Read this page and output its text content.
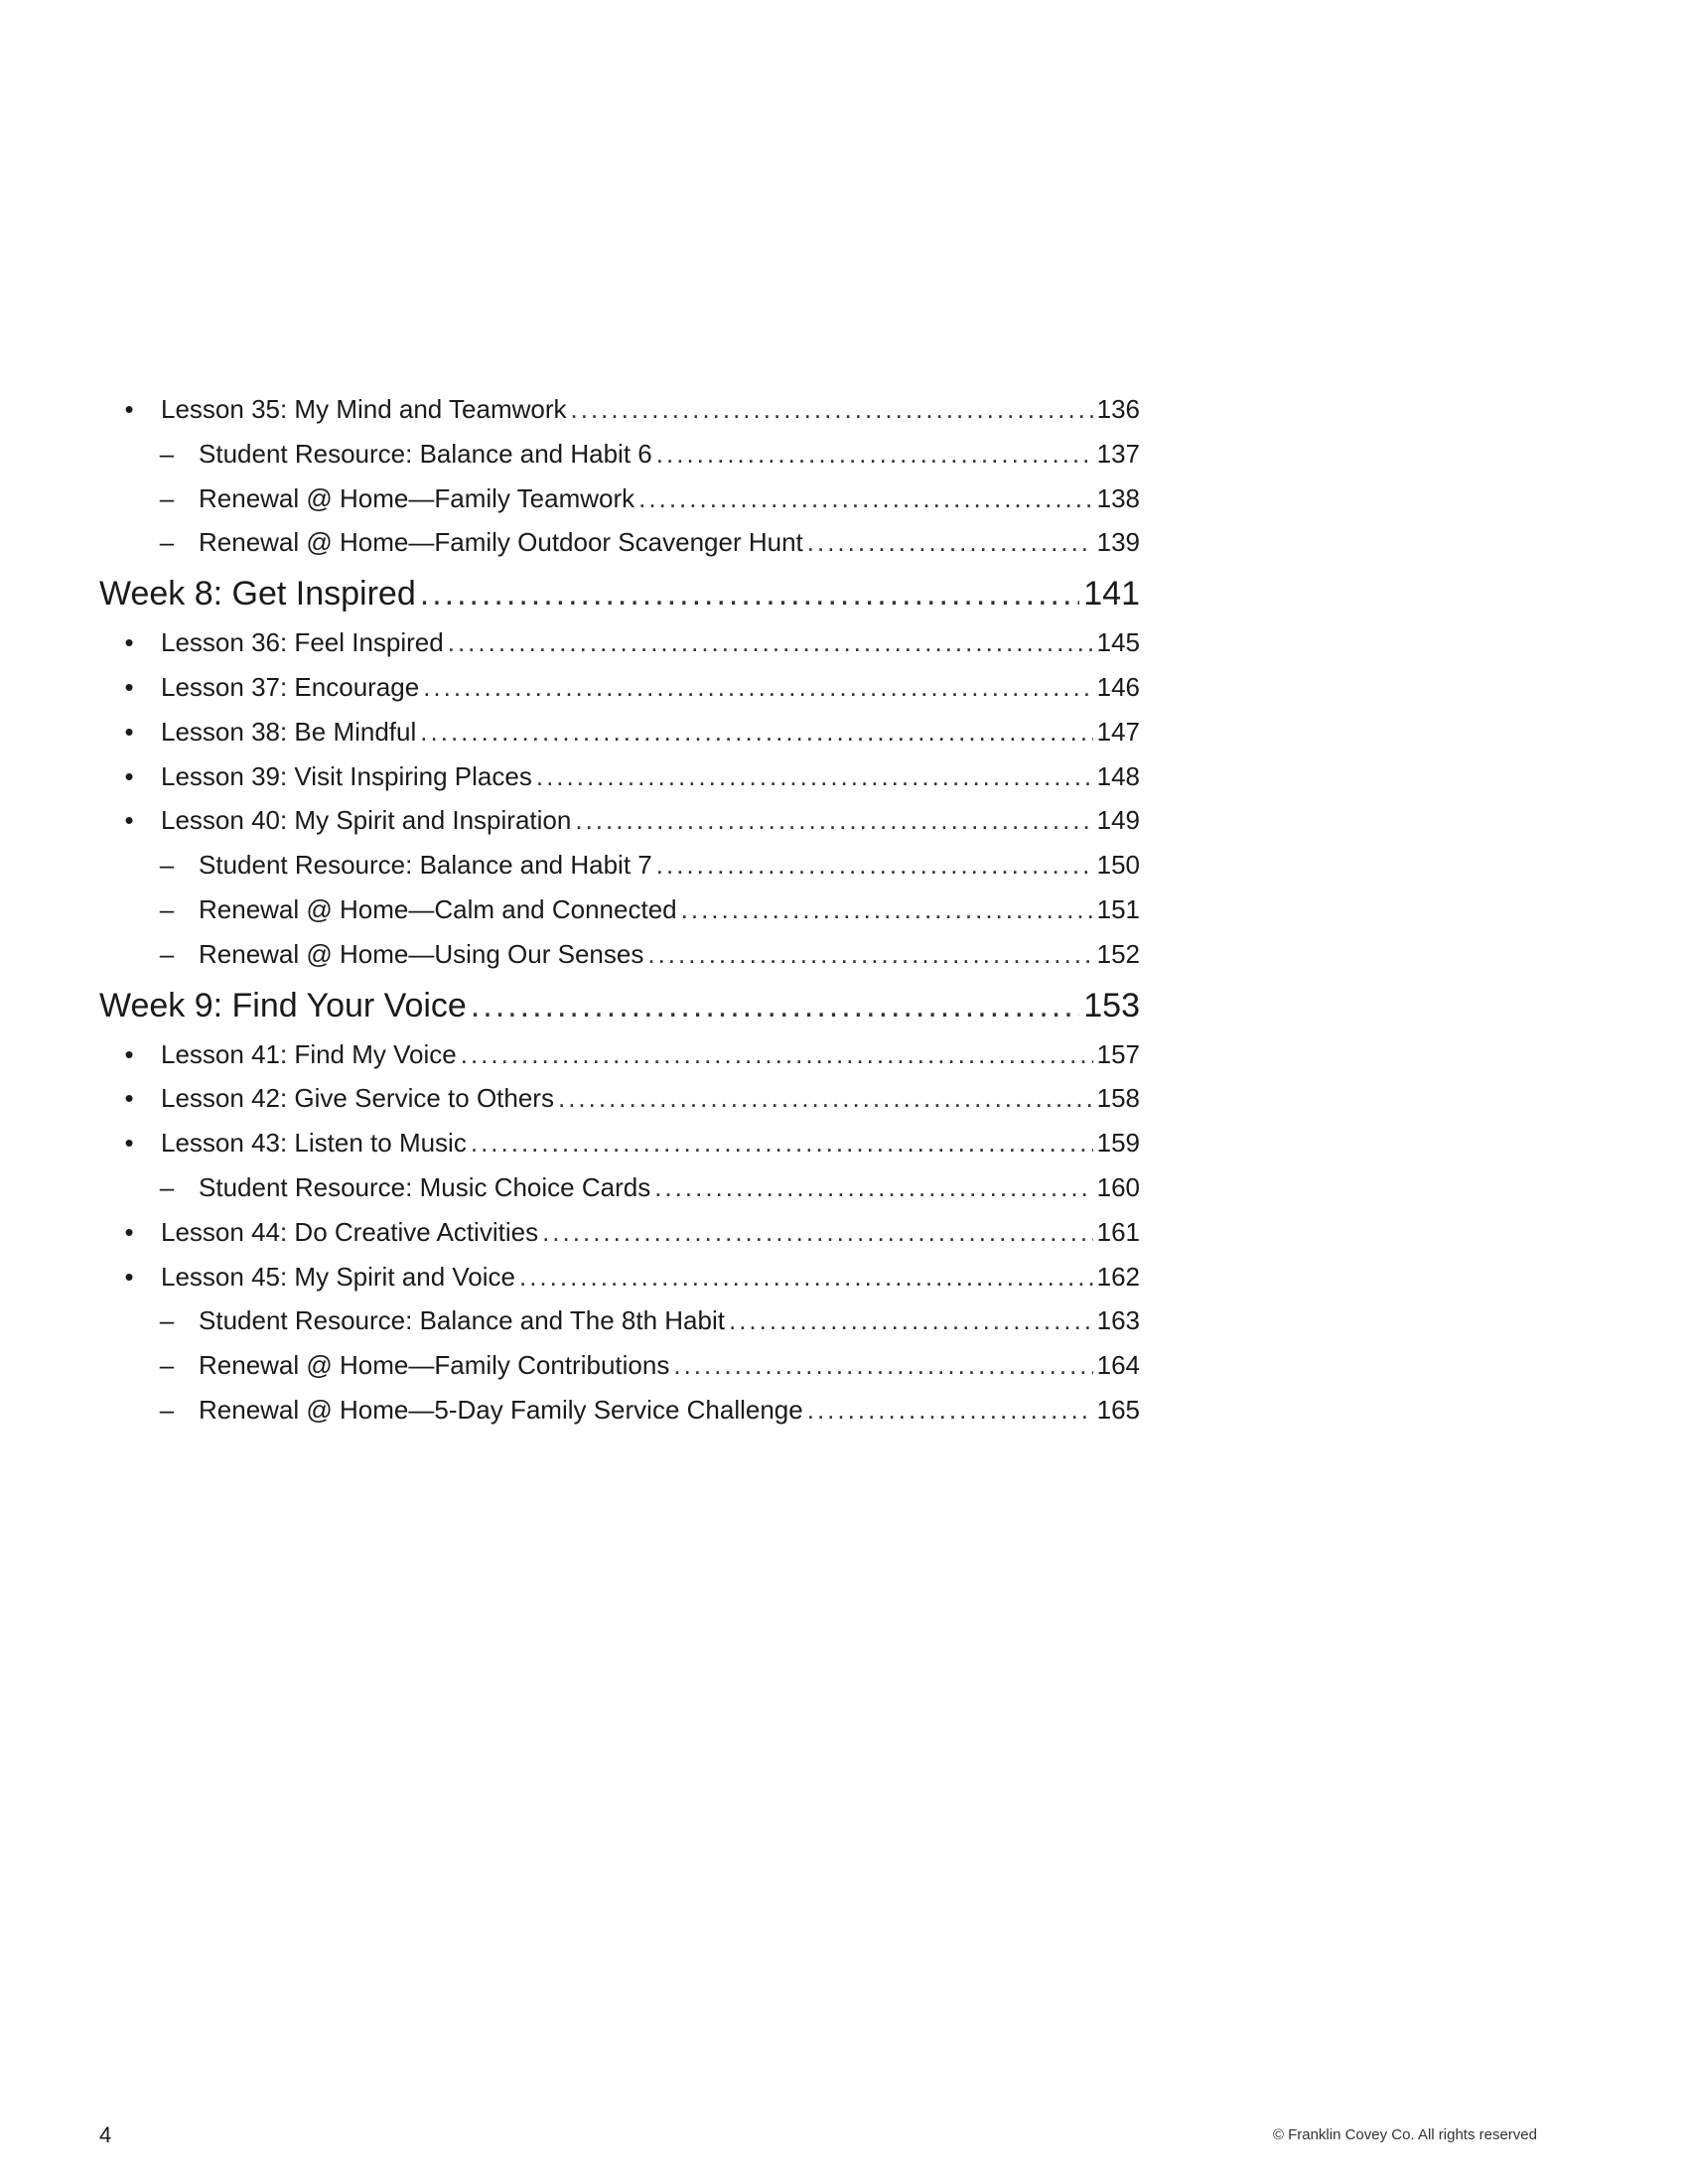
• Lesson 35: My Mind and Teamwork .....	136
– Student Resource: Balance and Habit 6 .....	137
– Renewal @ Home—Family Teamwork .....	138
– Renewal @ Home—Family Outdoor Scavenger Hunt .....	139
Week 8: Get Inspired .....	141
• Lesson 36: Feel Inspired .....	145
• Lesson 37: Encourage .....	146
• Lesson 38: Be Mindful .....	147
• Lesson 39: Visit Inspiring Places .....	148
• Lesson 40: My Spirit and Inspiration .....	149
– Student Resource: Balance and Habit 7 .....	150
– Renewal @ Home—Calm and Connected .....	151
– Renewal @ Home—Using Our Senses .....	152
Week 9: Find Your Voice .....	153
• Lesson 41: Find My Voice .....	157
• Lesson 42: Give Service to Others .....	158
• Lesson 43: Listen to Music .....	159
– Student Resource: Music Choice Cards .....	160
• Lesson 44: Do Creative Activities .....	161
• Lesson 45: My Spirit and Voice .....	162
– Student Resource: Balance and The 8th Habit .....	163
– Renewal @ Home—Family Contributions .....	164
– Renewal @ Home—5-Day Family Service Challenge .....	165
4	© Franklin Covey Co. All rights reserved
